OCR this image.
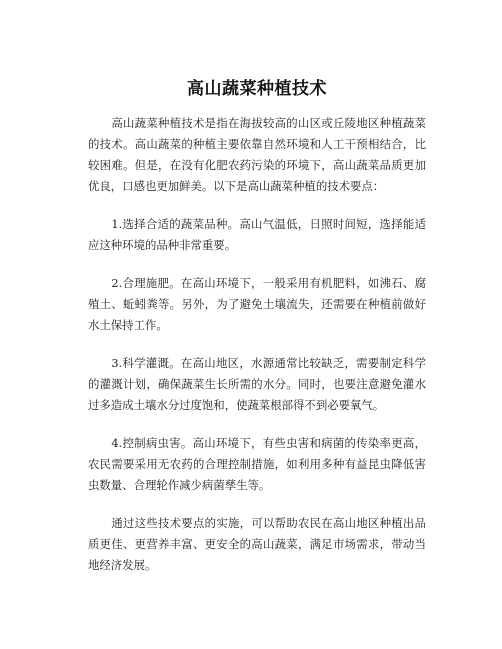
高山蔬菜种植技术

高山蔬菜种植技术是指在海拔较高的山区或丘陵地区种植蔬菜的技术。高山蔬菜的种植主要依靠自然环境和人工干预相结合，比较困难。但是，在没有化肥农药污染的环境下，高山蔬菜品质更加优良，口感也更加鲜美。以下是高山蔬菜种植的技术要点：

1.选择合适的蔬菜品种。高山气温低，日照时间短，选择能适应这种环境的品种非常重要。

2.合理施肥。在高山环境下，一般采用有机肥料，如沸石、腐殖土、蚯蚓粪等。另外，为了避免土壤流失，还需要在种植前做好水土保持工作。

3.科学灌溉。在高山地区，水源通常比较缺乏，需要制定科学的灌溉计划，确保蔬菜生长所需的水分。同时，也要注意避免灌水过多造成土壤水分过度饱和，使蔬菜根部得不到必要氧气。

4.控制病虫害。高山环境下，有些虫害和病菌的传染率更高，农民需要采用无农药的合理控制措施，如利用多种有益昆虫降低害虫数量、合理轮作减少病菌孳生等。

通过这些技术要点的实施，可以帮助农民在高山地区种植出品质更佳、更营养丰富、更安全的高山蔬菜，满足市场需求，带动当地经济发展。
